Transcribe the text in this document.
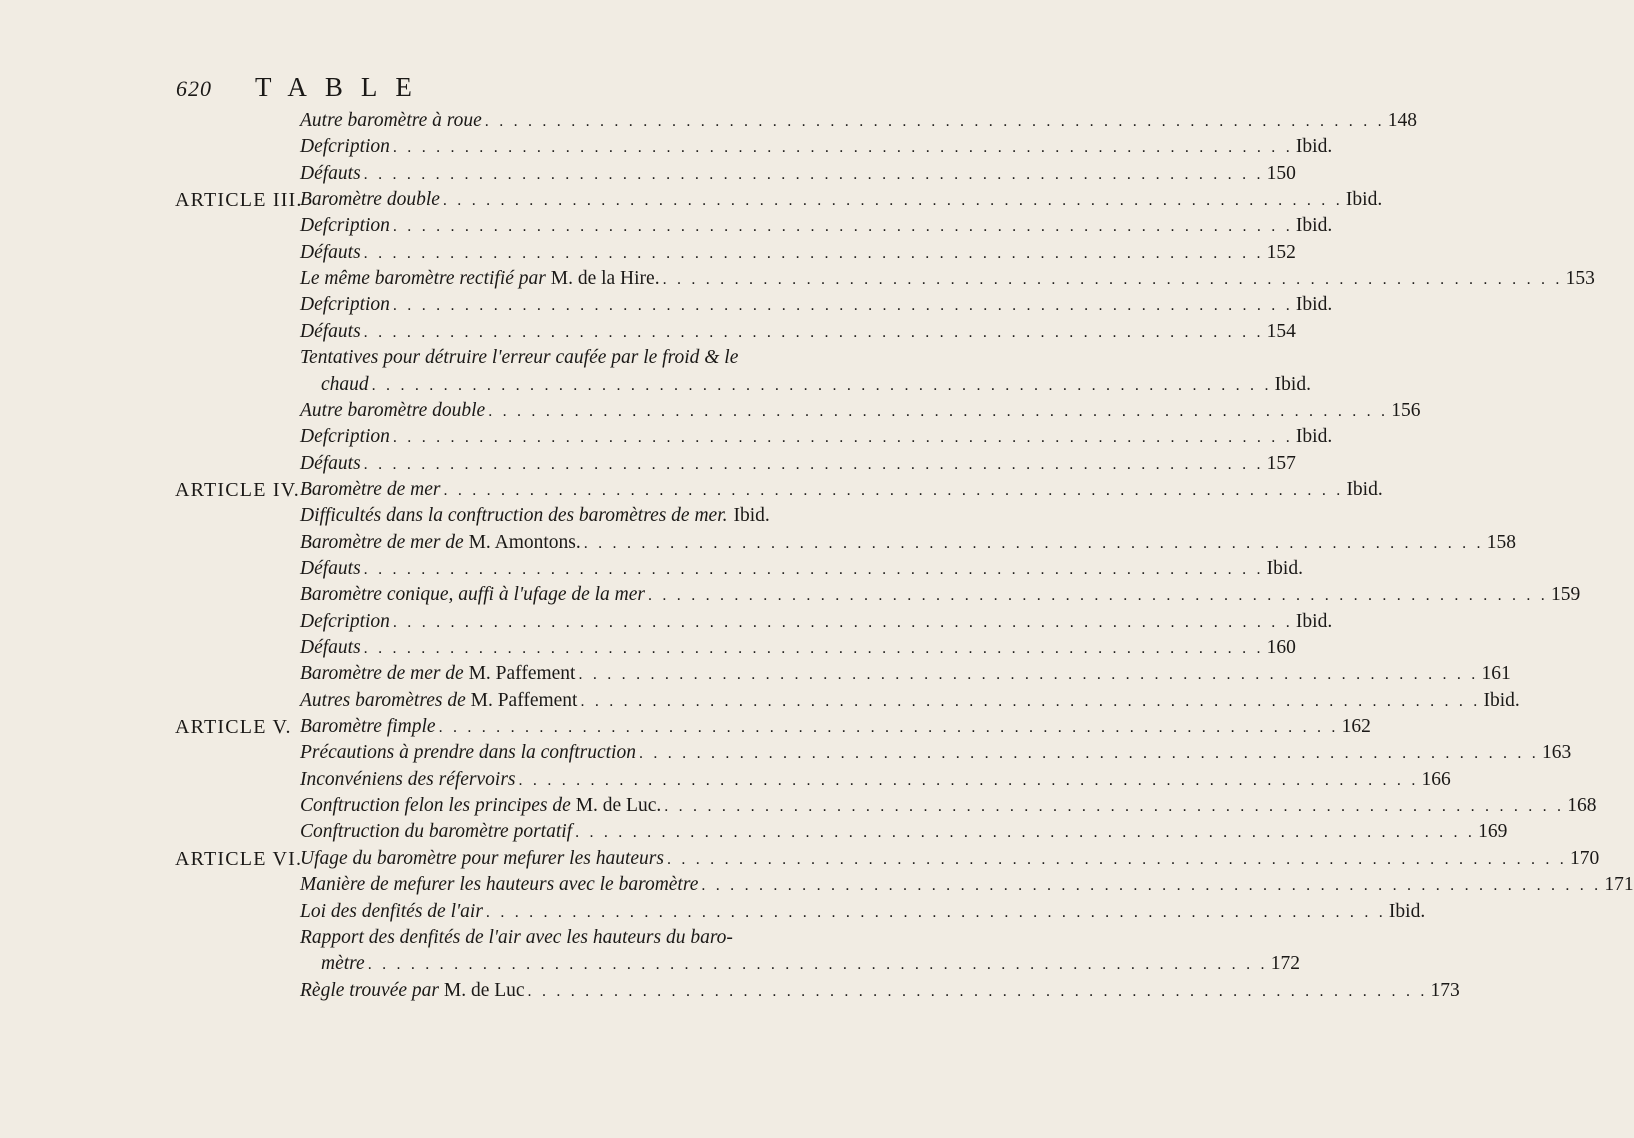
620 TABLE
Autre baromètre à roue . . . . . . . . . . . . . . . . . . . . . . . . . . . . . . . . . . . . . . . . . . . . . . . . . . . . . . . . . . . . . . . 148
Defcription . . . . . . . . . . . . . . . . . . . . . . . . . . . . . . . . . . . . . . . . . . . . . . . . . . . . . . . . . . . . . . . Ibid.
Défauts . . . . . . . . . . . . . . . . . . . . . . . . . . . . . . . . . . . . . . . . . . . . . . . . . . . . . . . . . . . . . . . 150
ARTICLE III.
Baromètre double . . . . . . . . . . . . . . . . . . . . . . . . . . . . . . . . . . . . . . . . . . . . . . . . . . . . . . . . . . . . . . . Ibid.
Defcription . . . . . . . . . . . . . . . . . . . . . . . . . . . . . . . . . . . . . . . . . . . . . . . . . . . . . . . . . . . . . . . Ibid.
Défauts . . . . . . . . . . . . . . . . . . . . . . . . . . . . . . . . . . . . . . . . . . . . . . . . . . . . . . . . . . . . . . . 152
Le même baromètre rectifié par M. de la Hire. . . . . . . . . . . . . . . . . . . . . . . . . . . . . . . . . . . . . . . . . . . . . . . . . . . . . . . . . . . . . . . . 153
Defcription . . . . . . . . . . . . . . . . . . . . . . . . . . . . . . . . . . . . . . . . . . . . . . . . . . . . . . . . . . . . . . . Ibid.
Défauts . . . . . . . . . . . . . . . . . . . . . . . . . . . . . . . . . . . . . . . . . . . . . . . . . . . . . . . . . . . . . . . 154
Tentatives pour détruire l'erreur caufée par le froid & le
chaud . . . . . . . . . . . . . . . . . . . . . . . . . . . . . . . . . . . . . . . . . . . . . . . . . . . . . . . . . . . . . . . Ibid.
Autre baromètre double . . . . . . . . . . . . . . . . . . . . . . . . . . . . . . . . . . . . . . . . . . . . . . . . . . . . . . . . . . . . . . . 156
Defcription . . . . . . . . . . . . . . . . . . . . . . . . . . . . . . . . . . . . . . . . . . . . . . . . . . . . . . . . . . . . . . . Ibid.
Défauts . . . . . . . . . . . . . . . . . . . . . . . . . . . . . . . . . . . . . . . . . . . . . . . . . . . . . . . . . . . . . . . 157
ARTICLE IV. Baromètre de mer . . . . . . . . . . . . . . . . . . . . . . . . . . . . . . . . . . . . . . . . . . . . . . . . . . . . . . . . . . . . . . . Ibid.
Difficultés dans la conftruction des baromètres de mer. Ibid.
Baromètre de mer de M. Amontons. . . . . . . . . . . . . . . . . . . . . . . . . . . . . . . . . . . . . . . . . . . . . . . . . . . . . . . . . . . . . . . . 158
Défauts . . . . . . . . . . . . . . . . . . . . . . . . . . . . . . . . . . . . . . . . . . . . . . . . . . . . . . . . . . . . . . . Ibid.
Baromètre conique, auffi à l'ufage de la mer . . . . . . . . . . . . . . . . . . . . . . . . . . . . . . . . . . . . . . . . . . . . . . . . . . . . . . . . . . . . . . . 159
Defcription . . . . . . . . . . . . . . . . . . . . . . . . . . . . . . . . . . . . . . . . . . . . . . . . . . . . . . . . . . . . . . . Ibid.
Défauts . . . . . . . . . . . . . . . . . . . . . . . . . . . . . . . . . . . . . . . . . . . . . . . . . . . . . . . . . . . . . . . 160
Baromètre de mer de M. Paffement . . . . . . . . . . . . . . . . . . . . . . . . . . . . . . . . . . . . . . . . . . . . . . . . . . . . . . . . . . . . . . . 161
Autres baromètres de M. Paffement . . . . . . . . . . . . . . . . . . . . . . . . . . . . . . . . . . . . . . . . . . . . . . . . . . . . . . . . . . . . . . . Ibid.
ARTICLE V. Baromètre fimple . . . . . . . . . . . . . . . . . . . . . . . . . . . . . . . . . . . . . . . . . . . . . . . . . . . . . . . . . . . . . . . 162
Précautions à prendre dans la conftruction . . . . . . . . . . . . . . . . . . . . . . . . . . . . . . . . . . . . . . . . . . . . . . . . . . . . . . . . . . . . . . . 163
Inconvéniens des réfervoirs . . . . . . . . . . . . . . . . . . . . . . . . . . . . . . . . . . . . . . . . . . . . . . . . . . . . . . . . . . . . . . . 166
Conftruction felon les principes de M. de Luc. . . . . . . . . . . . . . . . . . . . . . . . . . . . . . . . . . . . . . . . . . . . . . . . . . . . . . . . . . . . . . . . 168
Conftruction du baromètre portatif . . . . . . . . . . . . . . . . . . . . . . . . . . . . . . . . . . . . . . . . . . . . . . . . . . . . . . . . . . . . . . . 169
ARTICLE VI.
Ufage du baromètre pour mefurer les hauteurs . . . . . . . . . . . . . . . . . . . . . . . . . . . . . . . . . . . . . . . . . . . . . . . . . . . . . . . . . . . . . . . 170
Manière de mefurer les hauteurs avec le baromètre . . . . . . . . . . . . . . . . . . . . . . . . . . . . . . . . . . . . . . . . . . . . . . . . . . . . . . . . . . . . . . . 171
Loi des denfités de l'air . . . . . . . . . . . . . . . . . . . . . . . . . . . . . . . . . . . . . . . . . . . . . . . . . . . . . . . . . . . . . . . Ibid.
Rapport des denfités de l'air avec les hauteurs du baro-
mètre . . . . . . . . . . . . . . . . . . . . . . . . . . . . . . . . . . . . . . . . . . . . . . . . . . . . . . . . . . . . . . . 172
Règle trouvée par M. de Luc . . . . . . . . . . . . . . . . . . . . . . . . . . . . . . . . . . . . . . . . . . . . . . . . . . . . . . . . . . . . . . . 173
